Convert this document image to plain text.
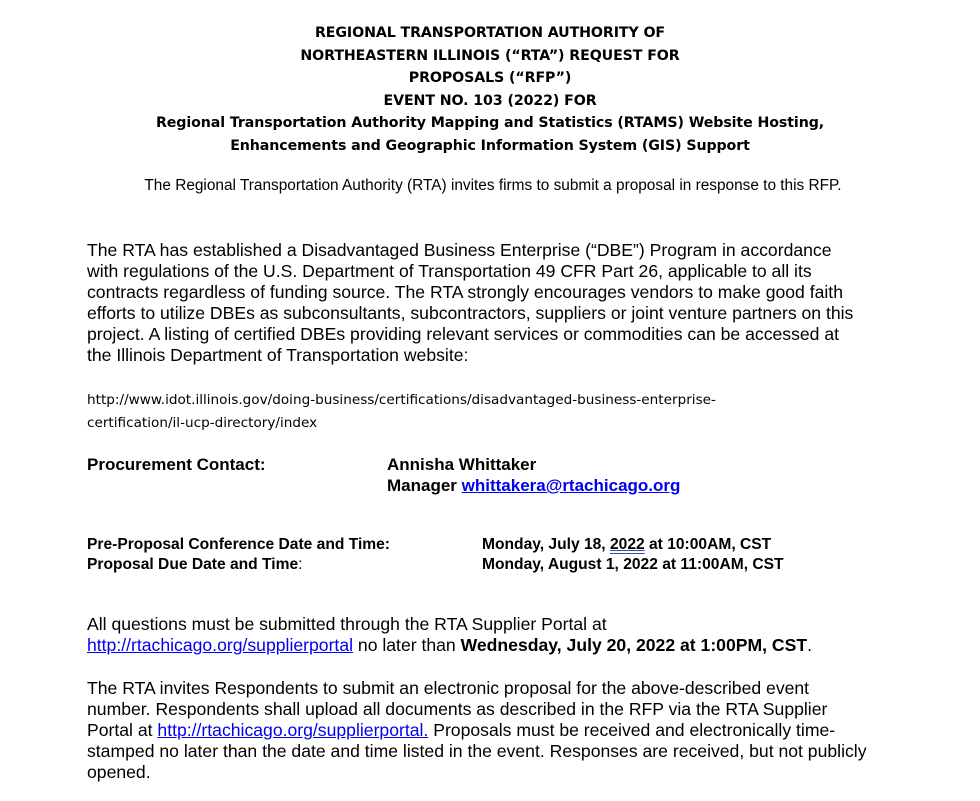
REGIONAL TRANSPORTATION AUTHORITY OF
NORTHEASTERN ILLINOIS (“RTA”) REQUEST FOR
PROPOSALS (“RFP”)
EVENT NO. 103 (2022) FOR
Regional Transportation Authority Mapping and Statistics (RTAMS) Website Hosting,
Enhancements and Geographic Information System (GIS) Support
The Regional Transportation Authority (RTA) invites firms to submit a proposal in response to this RFP.
The RTA has established a Disadvantaged Business Enterprise (“DBE”) Program in accordance
with regulations of the U.S. Department of Transportation 49 CFR Part 26, applicable to all its
contracts regardless of funding source. The RTA strongly encourages vendors to make good faith
efforts to utilize DBEs as subconsultants, subcontractors, suppliers or joint venture partners on this
project. A listing of certified DBEs providing relevant services or commodities can be accessed at
the Illinois Department of Transportation website:
http://www.idot.illinois.gov/doing-business/certifications/disadvantaged-business-enterprise-
certification/il-ucp-directory/index
Procurement Contact:	Annisha Whittaker
Manager whittakera@rtachicago.org
Pre-Proposal Conference Date and Time:
Proposal Due Date and Time:
Monday, July 18, 2022 at 10:00AM, CST
Monday, August 1, 2022 at 11:00AM, CST
All questions must be submitted through the RTA Supplier Portal at
http://rtachicago.org/supplierportal no later than Wednesday, July 20, 2022 at 1:00PM, CST.
The RTA invites Respondents to submit an electronic proposal for the above-described event
number. Respondents shall upload all documents as described in the RFP via the RTA Supplier
Portal at http://rtachicago.org/supplierportal. Proposals must be received and electronically time-
stamped no later than the date and time listed in the event. Responses are received, but not publicly
opened.
